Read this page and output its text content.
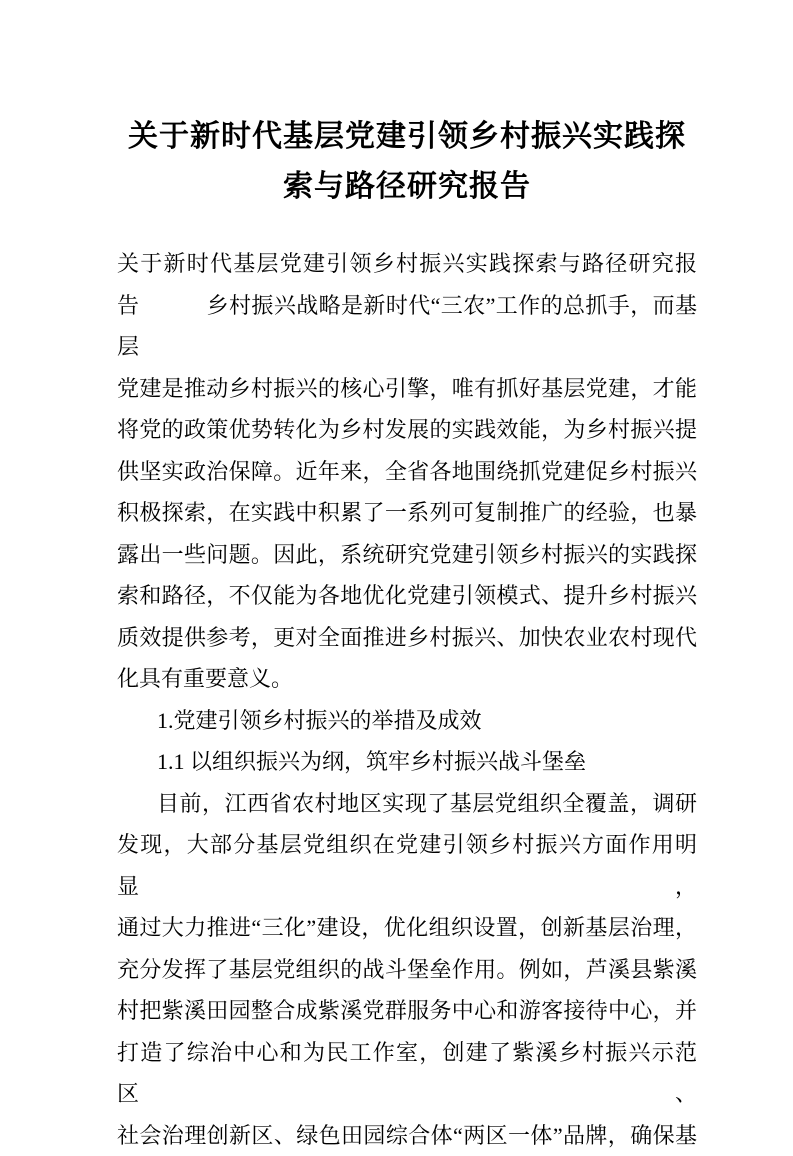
关于新时代基层党建引领乡村振兴实践探
索与路径研究报告
关于新时代基层党建引领乡村振兴实践探索与路径研究报
告　　　乡村振兴战略是新时代“三农”工作的总抓手，而基层
党建是推动乡村振兴的核心引擎，唯有抓好基层党建，才能
将党的政策优势转化为乡村发展的实践效能，为乡村振兴提
供坚实政治保障。近年来，全省各地围绕抓党建促乡村振兴
积极探索，在实践中积累了一系列可复制推广的经验，也暴
露出一些问题。因此，系统研究党建引领乡村振兴的实践探
索和路径，不仅能为各地优化党建引领模式、提升乡村振兴
质效提供参考，更对全面推进乡村振兴、加快农业农村现代
化具有重要意义。
1.党建引领乡村振兴的举措及成效
1.1 以组织振兴为纲，筑牢乡村振兴战斗堡垒
目前，江西省农村地区实现了基层党组织全覆盖，调研
发现，大部分基层党组织在党建引领乡村振兴方面作用明显，
通过大力推进“三化”建设，优化组织设置，创新基层治理，
充分发挥了基层党组织的战斗堡垒作用。例如，芦溪县紫溪
村把紫溪田园整合成紫溪党群服务中心和游客接待中心，并
打造了综治中心和为民工作室，创建了紫溪乡村振兴示范区、
社会治理创新区、绿色田园综合体“两区一体”品牌，确保基
